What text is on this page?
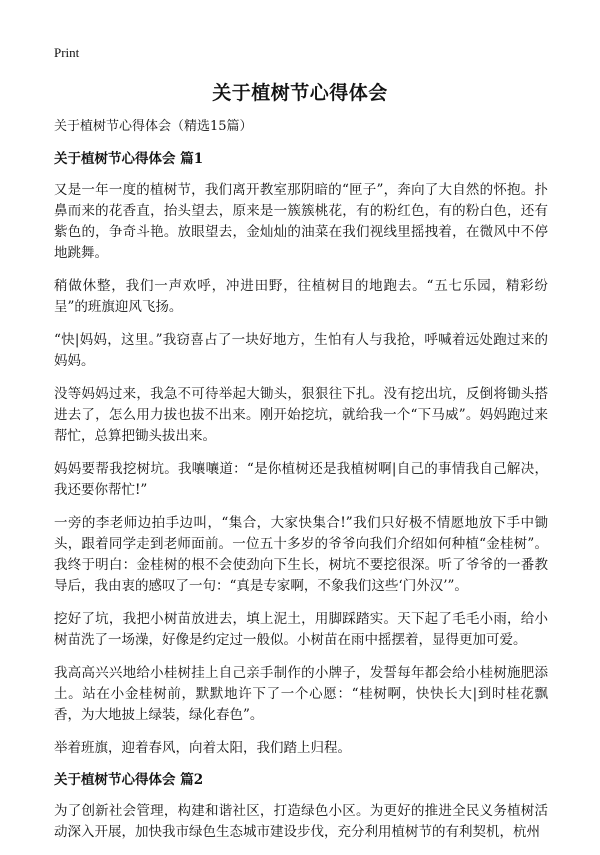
Print
关于植树节心得体会
关于植树节心得体会（精选15篇）
关于植树节心得体会 篇1

又是一年一度的植树节，我们离开教室那阴暗的“匣子”，奔向了大自然的怀抱。扑鼻而来的花香直，抬头望去，原来是一簇簇桃花，有的粉红色，有的粉白色，还有紫色的，争奇斗艳。放眼望去，金灿灿的油菜在我们视线里摇拽着，在微风中不停地跳舞。

稍做休整，我们一声欢呼，冲进田野，往植树目的地跑去。“五七乐园，精彩纷呈”的班旗迎风飞扬。

“快|妈妈，这里。”我窃喜占了一块好地方，生怕有人与我抢，呼喊着远处跑过来的妈妈。

没等妈妈过来，我急不可待举起大锄头，狠狠往下扎。没有挖出坑，反倒将锄头搭进去了，怎么用力拔也拔不出来。刚开始挖坑，就给我一个“下马威”。妈妈跑过来帮忙，总算把锄头拔出来。

妈妈要帮我挖树坑。我嚷嚷道：“是你植树还是我植树啊|自己的事情我自己解决，我还要你帮忙!”

一旁的李老师边拍手边叫，“集合，大家快集合!”我们只好极不情愿地放下手中锄头，跟着同学走到老师面前。一位五十多岁的爷爷向我们介绍如何种植“金桂树”。我终于明白：金桂树的根不会使劲向下生长，树坑不要挖很深。听了爷爷的一番教导后，我由衷的感叹了一句：“真是专家啊，不象我们这些‘门外汉’”。

挖好了坑，我把小树苗放进去，填上泥土，用脚踩踏实。天下起了毛毛小雨，给小树苗洗了一场澡，好像是约定过一般似。小树苗在雨中摇摆着，显得更加可爱。

我高高兴兴地给小桂树挂上自己亲手制作的小牌子，发誓每年都会给小桂树施肥添土。站在小金桂树前，默默地许下了一个心愿：“桂树啊，快快长大|到时桂花飘香，为大地披上绿装，绿化春色”。

举着班旗，迎着春风，向着太阳，我们踏上归程。

关于植树节心得体会 篇2

为了创新社会管理，构建和谐社区，打造绿色小区。为更好的推进全民义务植树活动深入开展，加快我市绿色生态城市建设步伐，充分利用植树节的有利契机，杭州
